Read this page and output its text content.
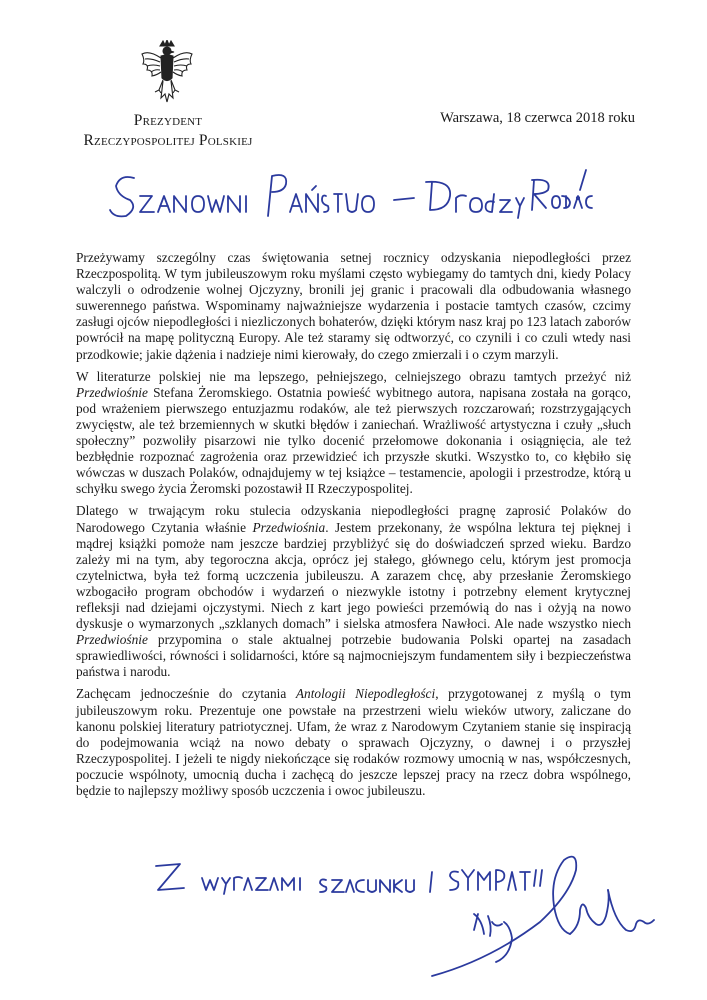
Prezydent
Rzeczypospolitej Polskiej
Warszawa, 18 czerwca 2018 roku

Przeżywamy szczególny czas świętowania setnej rocznicy odzyskania niepodległości przez Rzeczpospolitą. W tym jubileuszowym roku myślami często wybiegamy do tamtych dni, kiedy Polacy walczyli o odrodzenie wolnej Ojczyzny, bronili jej granic i pracowali dla odbudowania własnego suwerennego państwa. Wspominamy najważniejsze wydarzenia i postacie tamtych czasów, czcimy zasługi ojców niepodległości i niezliczonych bohaterów, dzięki którym nasz kraj po 123 latach zaborów powrócił na mapę polityczną Europy. Ale też staramy się odtworzyć, co czynili i co czuli wtedy nasi przodkowie; jakie dążenia i nadzieje nimi kierowały, do czego zmierzali i o czym marzyli.

W literaturze polskiej nie ma lepszego, pełniejszego, celniejszego obrazu tamtych przeżyć niż Przedwiośnie Stefana Żeromskiego. Ostatnia powieść wybitnego autora, napisana została na gorąco, pod wrażeniem pierwszego entuzjazmu rodaków, ale też pierwszych rozczarowań; rozstrzygających zwycięstw, ale też brzemiennych w skutki błędów i zaniechań. Wrażliwość artystyczna i czuły „słuch społeczny” pozwoliły pisarzowi nie tylko docenić przełomowe dokonania i osiągnięcia, ale też bezbłędnie rozpoznać zagrożenia oraz przewidzieć ich przyszłe skutki. Wszystko to, co kłębiło się wówczas w duszach Polaków, odnajdujemy w tej książce – testamencie, apologii i przestrodze, którą u schyłku swego życia Żeromski pozostawił II Rzeczypospolitej.

Dlatego w trwającym roku stulecia odzyskania niepodległości pragnę zaprosić Polaków do Narodowego Czytania właśnie Przedwiośnia. Jestem przekonany, że wspólna lektura tej pięknej i mądrej książki pomoże nam jeszcze bardziej przybliżyć się do doświadczeń sprzed wieku. Bardzo zależy mi na tym, aby tegoroczna akcja, oprócz jej stałego, głównego celu, którym jest promocja czytelnictwa, była też formą uczczenia jubileuszu. A zarazem chcę, aby przesłanie Żeromskiego wzbogaciło program obchodów i wydarzeń o niezwykle istotny i potrzebny element krytycznej refleksji nad dziejami ojczystymi. Niech z kart jego powieści przemówią do nas i ożyją na nowo dyskusje o wymarzonych „szklanych domach” i sielska atmosfera Nawłoci. Ale nade wszystko niech Przedwiośnie przypomina o stale aktualnej potrzebie budowania Polski opartej na zasadach sprawiedliwości, równości i solidarności, które są najmocniejszym fundamentem siły i bezpieczeństwa państwa i narodu.

Zachęcam jednocześnie do czytania Antologii Niepodległości, przygotowanej z myślą o tym jubileuszowym roku. Prezentuje one powstałe na przestrzeni wielu wieków utwory, zaliczane do kanonu polskiej literatury patriotycznej. Ufam, że wraz z Narodowym Czytaniem stanie się inspiracją do podejmowania wciąż na nowo debaty o sprawach Ojczyzny, o dawnej i o przyszłej Rzeczypospolitej. I jeżeli te nigdy niekończące się rodaków rozmowy umocnią w nas, współczesnych, poczucie wspólnoty, umocnią ducha i zachęcą do jeszcze lepszej pracy na rzecz dobra wspólnego, będzie to najlepszy możliwy sposób uczczenia i owoc jubileuszu.
